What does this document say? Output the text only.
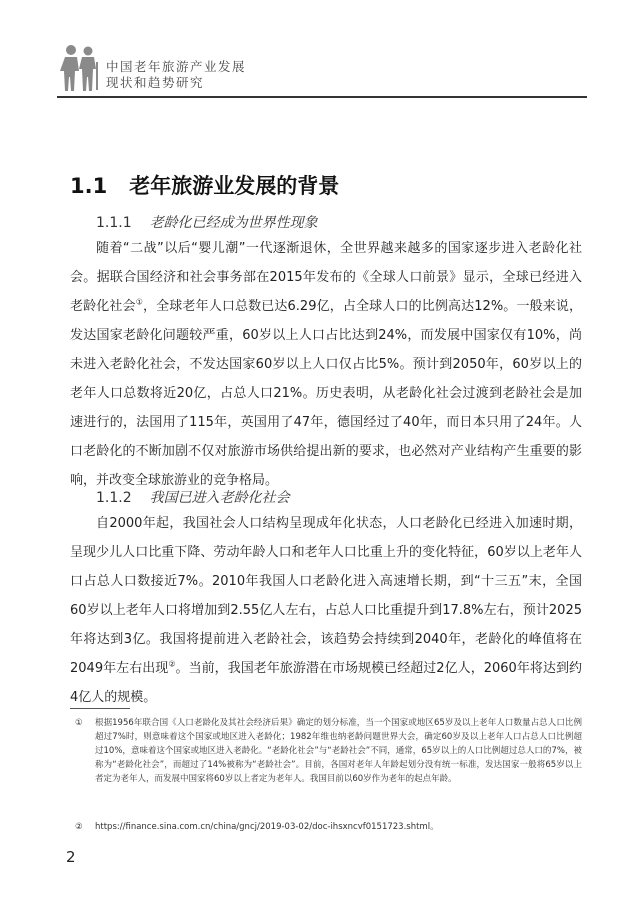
中国老年旅游产业发展
现状和趋势研究
1.1 老年旅游业发展的背景
1.1.1 老龄化已经成为世界性现象
随着“二战”以后“婴儿潮”一代逐渐退休，全世界越来越多的国家逐步进入老龄化社会。据联合国经济和社会事务部在2015年发布的《全球人口前景》显示，全球已经进入老龄化社会①，全球老年人口总数已达6.29亿，占全球人口的比例高达12%。一般来说，发达国家老龄化问题较严重，60岁以上人口占比达到24%，而发展中国家仅有10%，尚未进入老龄化社会，不发达国家60岁以上人口仅占比5%。预计到2050年，60岁以上的老年人口总数将近20亿，占总人口21%。历史表明，从老龄化社会过渡到老龄社会是加速进行的，法国用了115年，英国用了47年，德国经过了40年，而日本只用了24年。人口老龄化的不断加剧不仅对旅游市场供给提出新的要求，也必然对产业结构产生重要的影响，并改变全球旅游业的竞争格局。
1.1.2 我国已进入老龄化社会
自2000年起，我国社会人口结构呈现成年化状态，人口老龄化已经进入加速时期，呈现少儿人口比重下降、劳动年龄人口和老年人口比重上升的变化特征，60岁以上老年人口占总人口数接近7%。2010年我国人口老龄化进入高速增长期，到“十三五”末，全国60岁以上老年人口将增加到2.55亿人左右，占总人口比重提升到17.8%左右，预计2025年将达到3亿。我国将提前进入老龄社会，该趋势会持续到2040年，老龄化的峰值将在2049年左右出现②。当前，我国老年旅游潜在市场规模已经超过2亿人，2060年将达到约4亿人的规模。
① 根据1956年联合国《人口老龄化及其社会经济后果》确定的划分标准，当一个国家或地区65岁及以上老年人口数量占总人口比例超过7%时，则意味着这个国家或地区进入老龄化；1982年维也纳老龄问题世界大会，确定60岁及以上老年人口占总人口比例超过10%，意味着这个国家或地区进入老龄化。“老龄化社会”与“老龄社会”不同，通常，65岁以上的人口比例超过总人口的7%，被称为“老龄化社会”，而超过了14%被称为“老龄社会”。目前，各国对老年人年龄起划分没有统一标准，发达国家一般将65岁以上者定为老年人，而发展中国家将60岁以上者定为老年人。我国目前以60岁作为老年的起点年龄。
② https://finance.sina.com.cn/china/gncj/2019-03-02/doc-ihsxncvf0151723.shtml。
2
